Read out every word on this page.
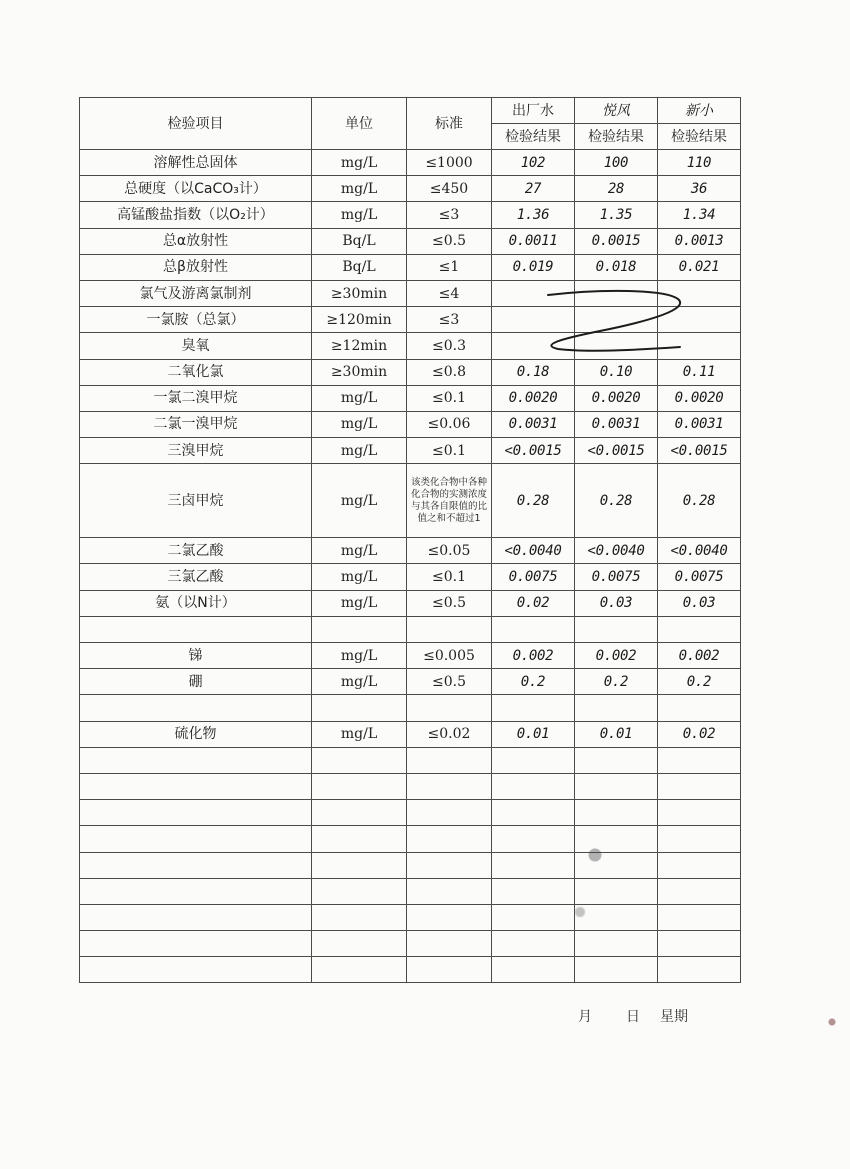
检验项目	单位	标准	出厂水	悦风	新小
			检验结果	检验结果	检验结果
溶解性总固体	mg/L	≤1000	102	100	110
总硬度（以CaCO₃计）	mg/L	≤450	27	28	36
高锰酸盐指数（以O₂计）	mg/L	≤3	1.36	1.35	1.34
总α放射性	Bq/L	≤0.5	0.0011	0.0015	0.0013
总β放射性	Bq/L	≤1	0.019	0.018	0.021
氯气及游离氯制剂	≥30min	≤4			
一氯胺（总氯）	≥120min	≤3			
臭氧	≥12min	≤0.3			
二氧化氯	≥30min	≤0.8	0.18	0.10	0.11
一氯二溴甲烷	mg/L	≤0.1	0.0020	0.0020	0.0020
二氯一溴甲烷	mg/L	≤0.06	0.0031	0.0031	0.0031
三溴甲烷	mg/L	≤0.1	<0.0015	<0.0015	<0.0015
三卤甲烷	mg/L	该类化合物中各种化合物的实测浓度与其各自限值的比值之和不超过1	0.28	0.28	0.28
二氯乙酸	mg/L	≤0.05	<0.0040	<0.0040	<0.0040
三氯乙酸	mg/L	≤0.1	0.0075	0.0075	0.0075
氨（以N计）	mg/L	≤0.5	0.02	0.03	0.03

锑	mg/L	≤0.005	0.002	0.002	0.002
硼	mg/L	≤0.5	0.2	0.2	0.2

硫化物	mg/L	≤0.02	0.01	0.01	0.02

月 日 星期
